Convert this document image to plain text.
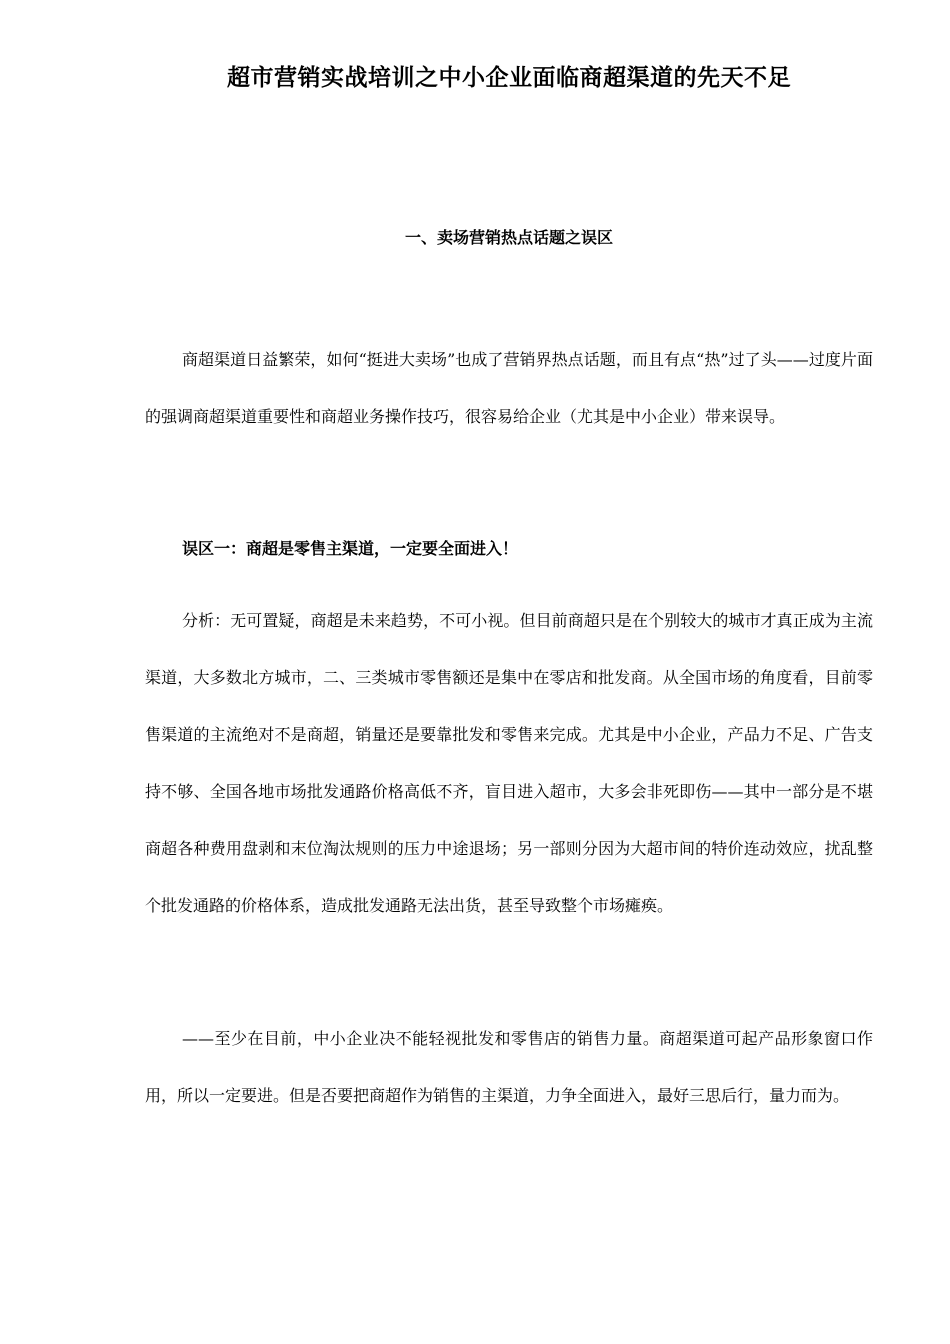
超市营销实战培训之中小企业面临商超渠道的先天不足
一、卖场营销热点话题之误区

商超渠道日益繁荣，如何“挺进大卖场”也成了营销界热点话题，而且有点“热”过了头——过度片面的强调商超渠道重要性和商超业务操作技巧，很容易给企业（尤其是中小企业）带来误导。

误区一：商超是零售主渠道，一定要全面进入！

分析：无可置疑，商超是未来趋势，不可小视。但目前商超只是在个别较大的城市才真正成为主流渠道，大多数北方城市，二、三类城市零售额还是集中在零店和批发商。从全国市场的角度看，目前零售渠道的主流绝对不是商超，销量还是要靠批发和零售来完成。尤其是中小企业，产品力不足、广告支持不够、全国各地市场批发通路价格高低不齐，盲目进入超市，大多会非死即伤——其中一部分是不堪商超各种费用盘剥和末位淘汰规则的压力中途退场；另一部则分因为大超市间的特价连动效应，扰乱整个批发通路的价格体系，造成批发通路无法出货，甚至导致整个市场瘫痪。

——至少在目前，中小企业决不能轻视批发和零售店的销售力量。商超渠道可起产品形象窗口作用，所以一定要进。但是否要把商超作为销售的主渠道，力争全面进入，最好三思后行，量力而为。
